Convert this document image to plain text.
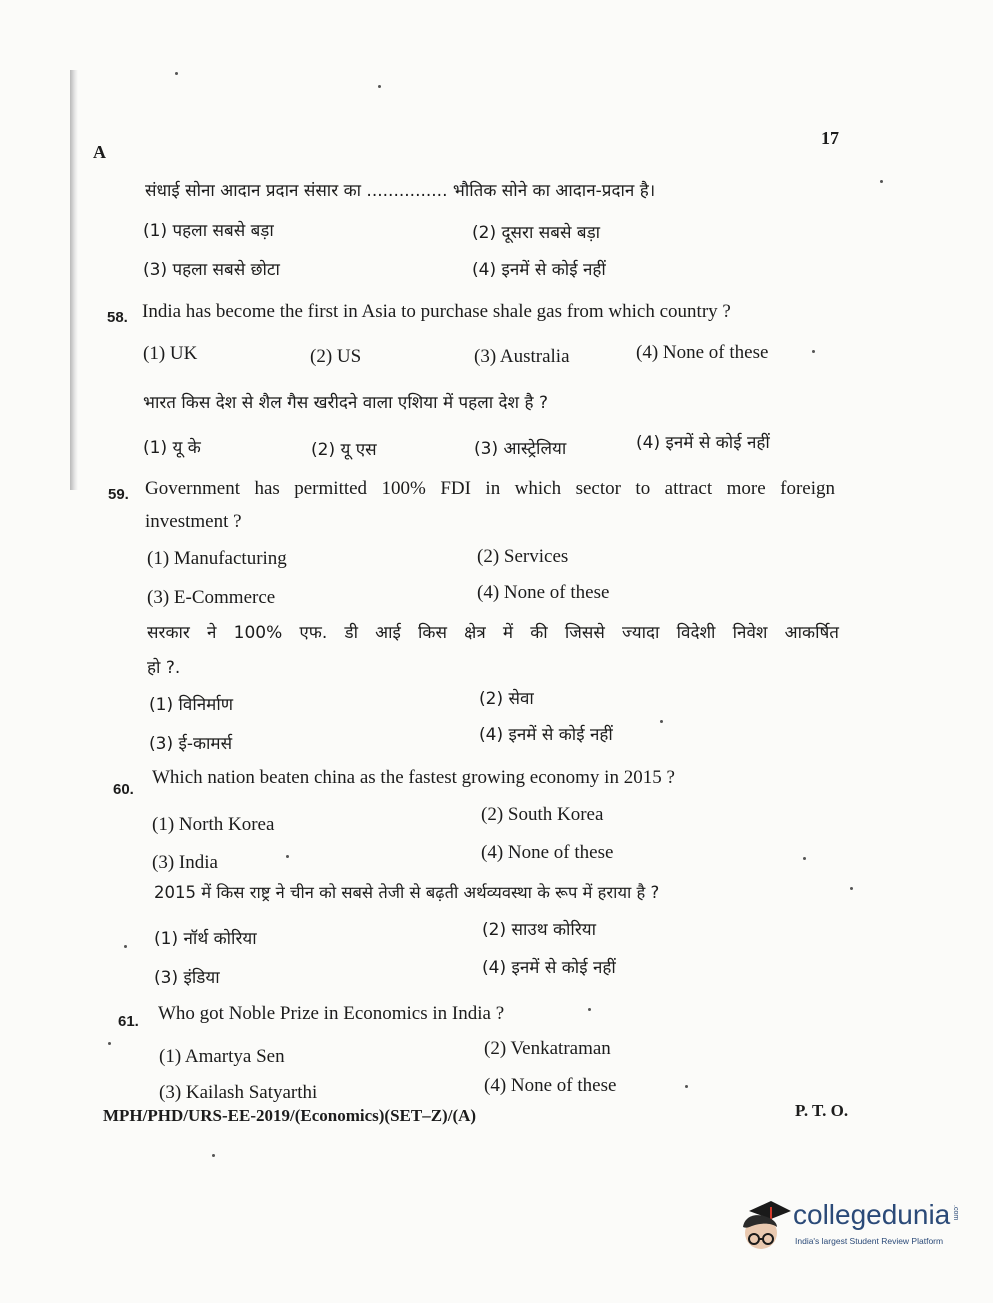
A
17
संधाई सोना आदान प्रदान संसार का ............... भौतिक सोने का आदान-प्रदान है।
(1) पहला सबसे बड़ा	(2) दूसरा सबसे बड़ा
(3) पहला सबसे छोटा	(4) इनमें से कोई नहीं
58. India has become the first in Asia to purchase shale gas from which country ?
(1) UK	(2) US	(3) Australia	(4) None of these
भारत किस देश से शैल गैस खरीदने वाला एशिया में पहला देश है ?
(1) यू के	(2) यू एस	(3) आस्ट्रेलिया	(4) इनमें से कोई नहीं
59. Government has permitted 100% FDI in which sector to attract more foreign
investment ?
(1) Manufacturing	(2) Services
(3) E-Commerce	(4) None of these
सरकार ने 100% एफ. डी आई किस क्षेत्र में की जिससे ज्यादा विदेशी निवेश आकर्षित
हो ?.
(1) विनिर्माण	(2) सेवा
(3) ई-कामर्स	(4) इनमें से कोई नहीं
60.
Which nation beaten china as the fastest growing economy in 2015 ?
(1) North Korea	(2) South Korea
(3) India	(4) None of these
2015 में किस राष्ट्र ने चीन को सबसे तेजी से बढ़ती अर्थव्यवस्था के रूप में हराया है ?
(1) नॉर्थ कोरिया	(2) साउथ कोरिया
(3) इंडिया	(4) इनमें से कोई नहीं
61. Who got Noble Prize in Economics in India ?
(1) Amartya Sen	(2) Venkatraman
(3) Kailash Satyarthi	(4) None of these
MPH/PHD/URS-EE-2019/(Economics)(SET–Z)/(A)	P. T. O.
collegedunia .com
India's largest Student Review Platform
